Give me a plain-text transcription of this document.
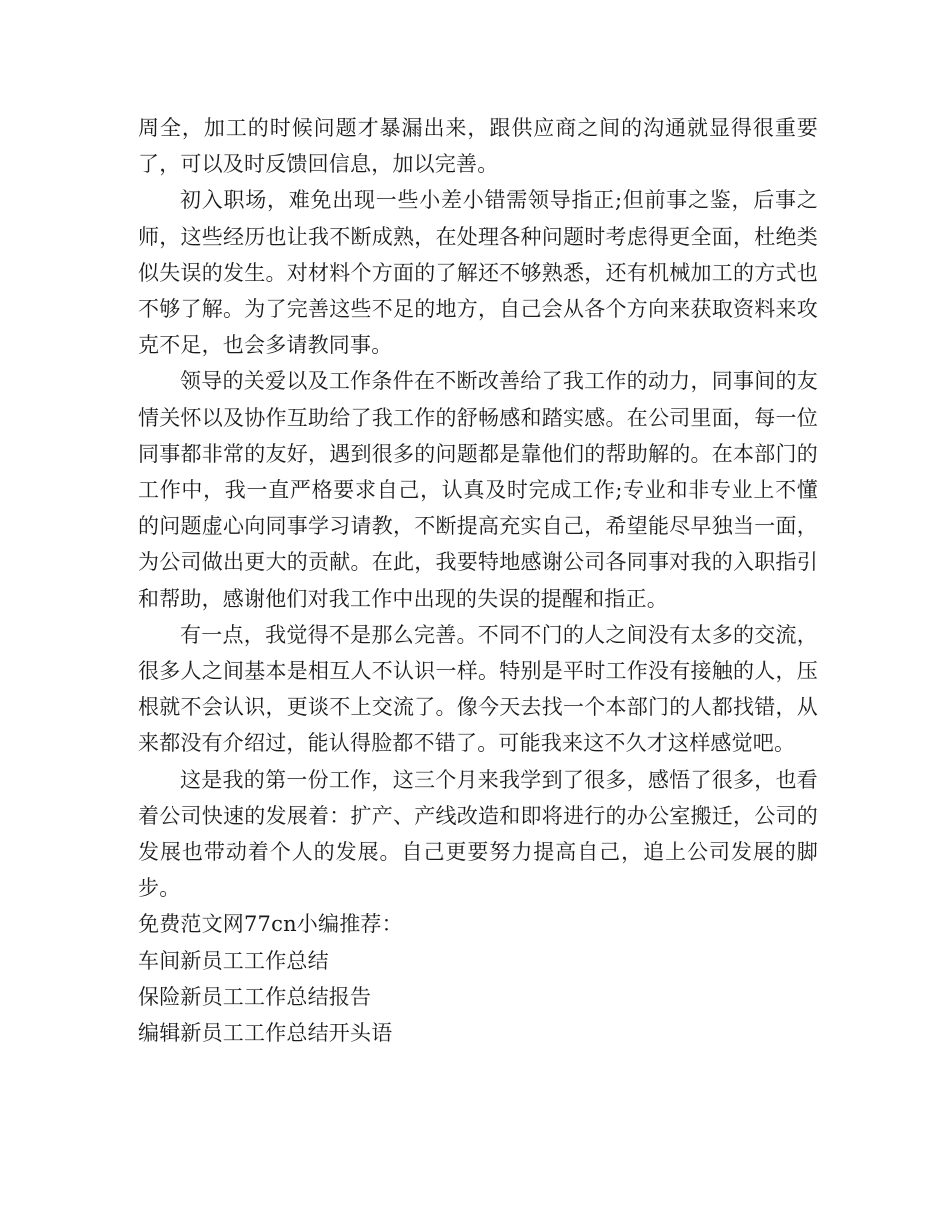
周全，加工的时候问题才暴漏出来，跟供应商之间的沟通就显得很重要了，可以及时反馈回信息，加以完善。

初入职场，难免出现一些小差小错需领导指正;但前事之鉴，后事之师，这些经历也让我不断成熟，在处理各种问题时考虑得更全面，杜绝类似失误的发生。对材料个方面的了解还不够熟悉，还有机械加工的方式也不够了解。为了完善这些不足的地方，自己会从各个方向来获取资料来攻克不足，也会多请教同事。

领导的关爱以及工作条件在不断改善给了我工作的动力，同事间的友情关怀以及协作互助给了我工作的舒畅感和踏实感。在公司里面，每一位同事都非常的友好，遇到很多的问题都是靠他们的帮助解的。在本部门的工作中，我一直严格要求自己，认真及时完成工作;专业和非专业上不懂的问题虚心向同事学习请教，不断提高充实自己，希望能尽早独当一面，为公司做出更大的贡献。在此，我要特地感谢公司各同事对我的入职指引和帮助，感谢他们对我工作中出现的失误的提醒和指正。

有一点，我觉得不是那么完善。不同不门的人之间没有太多的交流，很多人之间基本是相互人不认识一样。特别是平时工作没有接触的人，压根就不会认识，更谈不上交流了。像今天去找一个本部门的人都找错，从来都没有介绍过，能认得脸都不错了。可能我来这不久才这样感觉吧。

这是我的第一份工作，这三个月来我学到了很多，感悟了很多，也看着公司快速的发展着：扩产、产线改造和即将进行的办公室搬迁，公司的发展也带动着个人的发展。自己更要努力提高自己，追上公司发展的脚步。

免费范文网77cn小编推荐：

车间新员工工作总结
保险新员工工作总结报告
编辑新员工工作总结开头语
